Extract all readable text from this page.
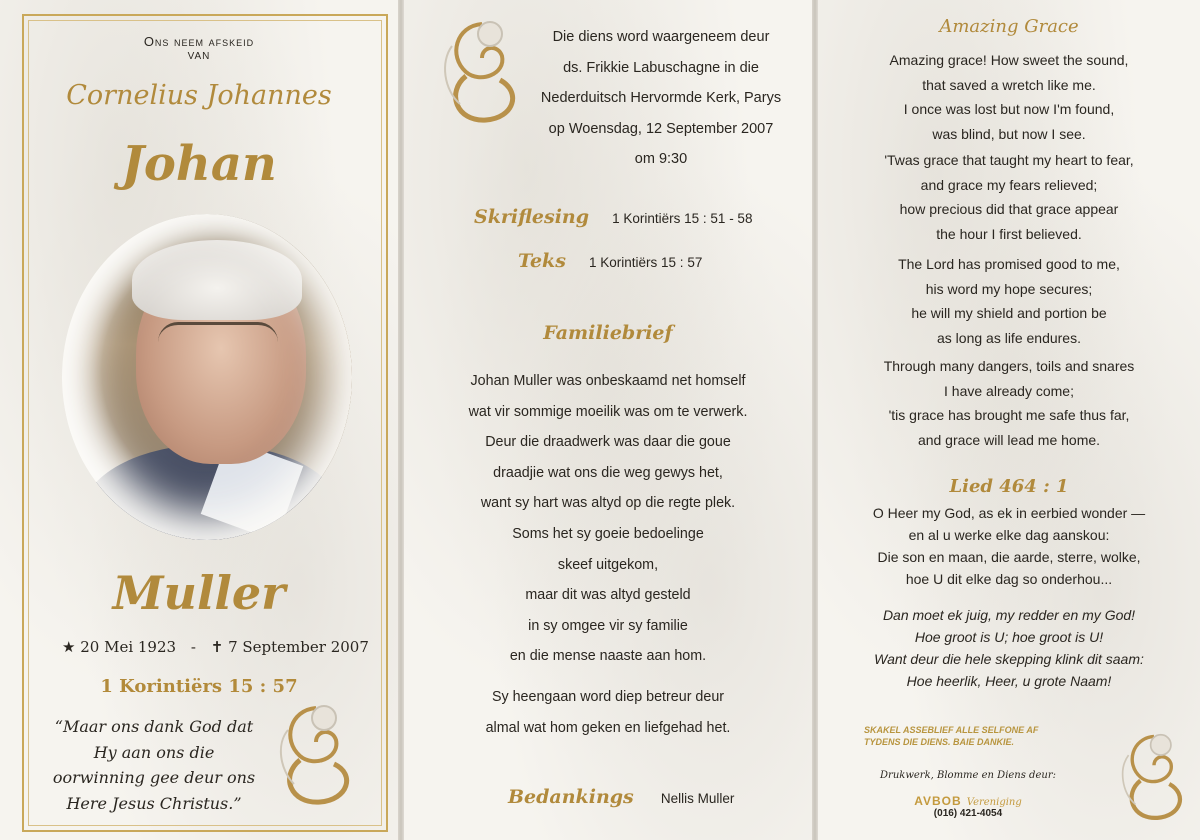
Ons neem afskeid
VAN
Cornelius Johannes
Johan
Muller
★ 20 Mei 1923 - ✝ 7 September 2007
1 Korintiërs 15 : 57
“Maar ons dank God dat
Hy aan ons die
oorwinning gee deur ons
Here Jesus Christus.”
Die diens word waargeneem deur
ds. Frikkie Labuschagne in die
Nederduitsch Hervormde Kerk, Parys
op Woensdag, 12 September 2007
om 9:30
Skriflesing 1 Korintiërs 15 : 51 - 58
Teks 1 Korintiërs 15 : 57
Familiebrief
Johan Muller was onbeskaamd net homself
wat vir sommige moeilik was om te verwerk.
Deur die draadwerk was daar die goue
draadjie wat ons die weg gewys het,
want sy hart was altyd op die regte plek.
Soms het sy goeie bedoelinge
skeef uitgekom,
maar dit was altyd gesteld
in sy omgee vir sy familie
en die mense naaste aan hom.
Sy heengaan word diep betreur deur
almal wat hom geken en liefgehad het.
Bedankings Nellis Muller
Amazing Grace
Amazing grace! How sweet the sound,
that saved a wretch like me.
I once was lost but now I'm found,
was blind, but now I see.
'Twas grace that taught my heart to fear,
and grace my fears relieved;
how precious did that grace appear
the hour I first believed.
The Lord has promised good to me,
his word my hope secures;
he will my shield and portion be
as long as life endures.
Through many dangers, toils and snares
I have already come;
'tis grace has brought me safe thus far,
and grace will lead me home.
Lied 464 : 1
O Heer my God, as ek in eerbied wonder —
en al u werke elke dag aanskou:
Die son en maan, die aarde, sterre, wolke,
hoe U dit elke dag so onderhou...
Dan moet ek juig, my redder en my God!
Hoe groot is U; hoe groot is U!
Want deur die hele skepping klink dit saam:
Hoe heerlik, Heer, u grote Naam!
SKAKEL ASSEBLIEF ALLE SELFONE AF
TYDENS DIE DIENS. BAIE DANKIE.
Drukwerk, Blomme en Diens deur:
AVBOB Vereniging
(016) 421-4054
